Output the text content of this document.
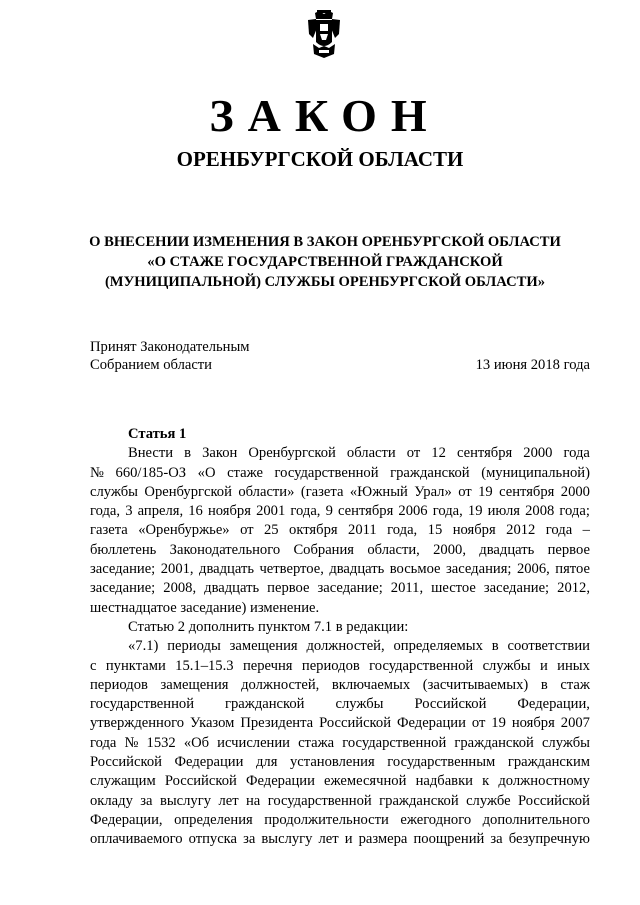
ЗАКОН
ОРЕНБУРГСКОЙ ОБЛАСТИ
О ВНЕСЕНИИ ИЗМЕНЕНИЯ В ЗАКОН ОРЕНБУРГСКОЙ ОБЛАСТИ
«О СТАЖЕ ГОСУДАРСТВЕННОЙ ГРАЖДАНСКОЙ
(МУНИЦИПАЛЬНОЙ) СЛУЖБЫ ОРЕНБУРГСКОЙ ОБЛАСТИ»
Принят Законодательным
Собранием области	13 июня 2018 года
Статья 1
Внести в Закон Оренбургской области от 12 сентября 2000 года
№ 660/185-ОЗ «О стаже государственной гражданской (муниципальной)
службы Оренбургской области» (газета «Южный Урал» от 19 сентября 2000
года, 3 апреля, 16 ноября 2001 года, 9 сентября 2006 года, 19 июля 2008 года;
газета «Оренбуржье» от 25 октября 2011 года, 15 ноября 2012 года –
бюллетень Законодательного Собрания области, 2000, двадцать первое
заседание; 2001, двадцать четвертое, двадцать восьмое заседания; 2006, пятое
заседание; 2008, двадцать первое заседание; 2011, шестое заседание; 2012,
шестнадцатое заседание) изменение.
Статью 2 дополнить пунктом 7.1 в редакции:
«7.1) периоды замещения должностей, определяемых в соответствии
с пунктами 15.1–15.3 перечня периодов государственной службы и иных
периодов замещения должностей, включаемых (засчитываемых) в стаж
государственной гражданской службы Российской Федерации,
утвержденного Указом Президента Российской Федерации от 19 ноября 2007
года № 1532 «Об исчислении стажа государственной гражданской службы
Российской Федерации для установления государственным гражданским
служащим Российской Федерации ежемесячной надбавки к должностному
окладу за выслугу лет на государственной гражданской службе Российской
Федерации, определения продолжительности ежегодного дополнительного
оплачиваемого отпуска за выслугу лет и размера поощрений за безупречную
